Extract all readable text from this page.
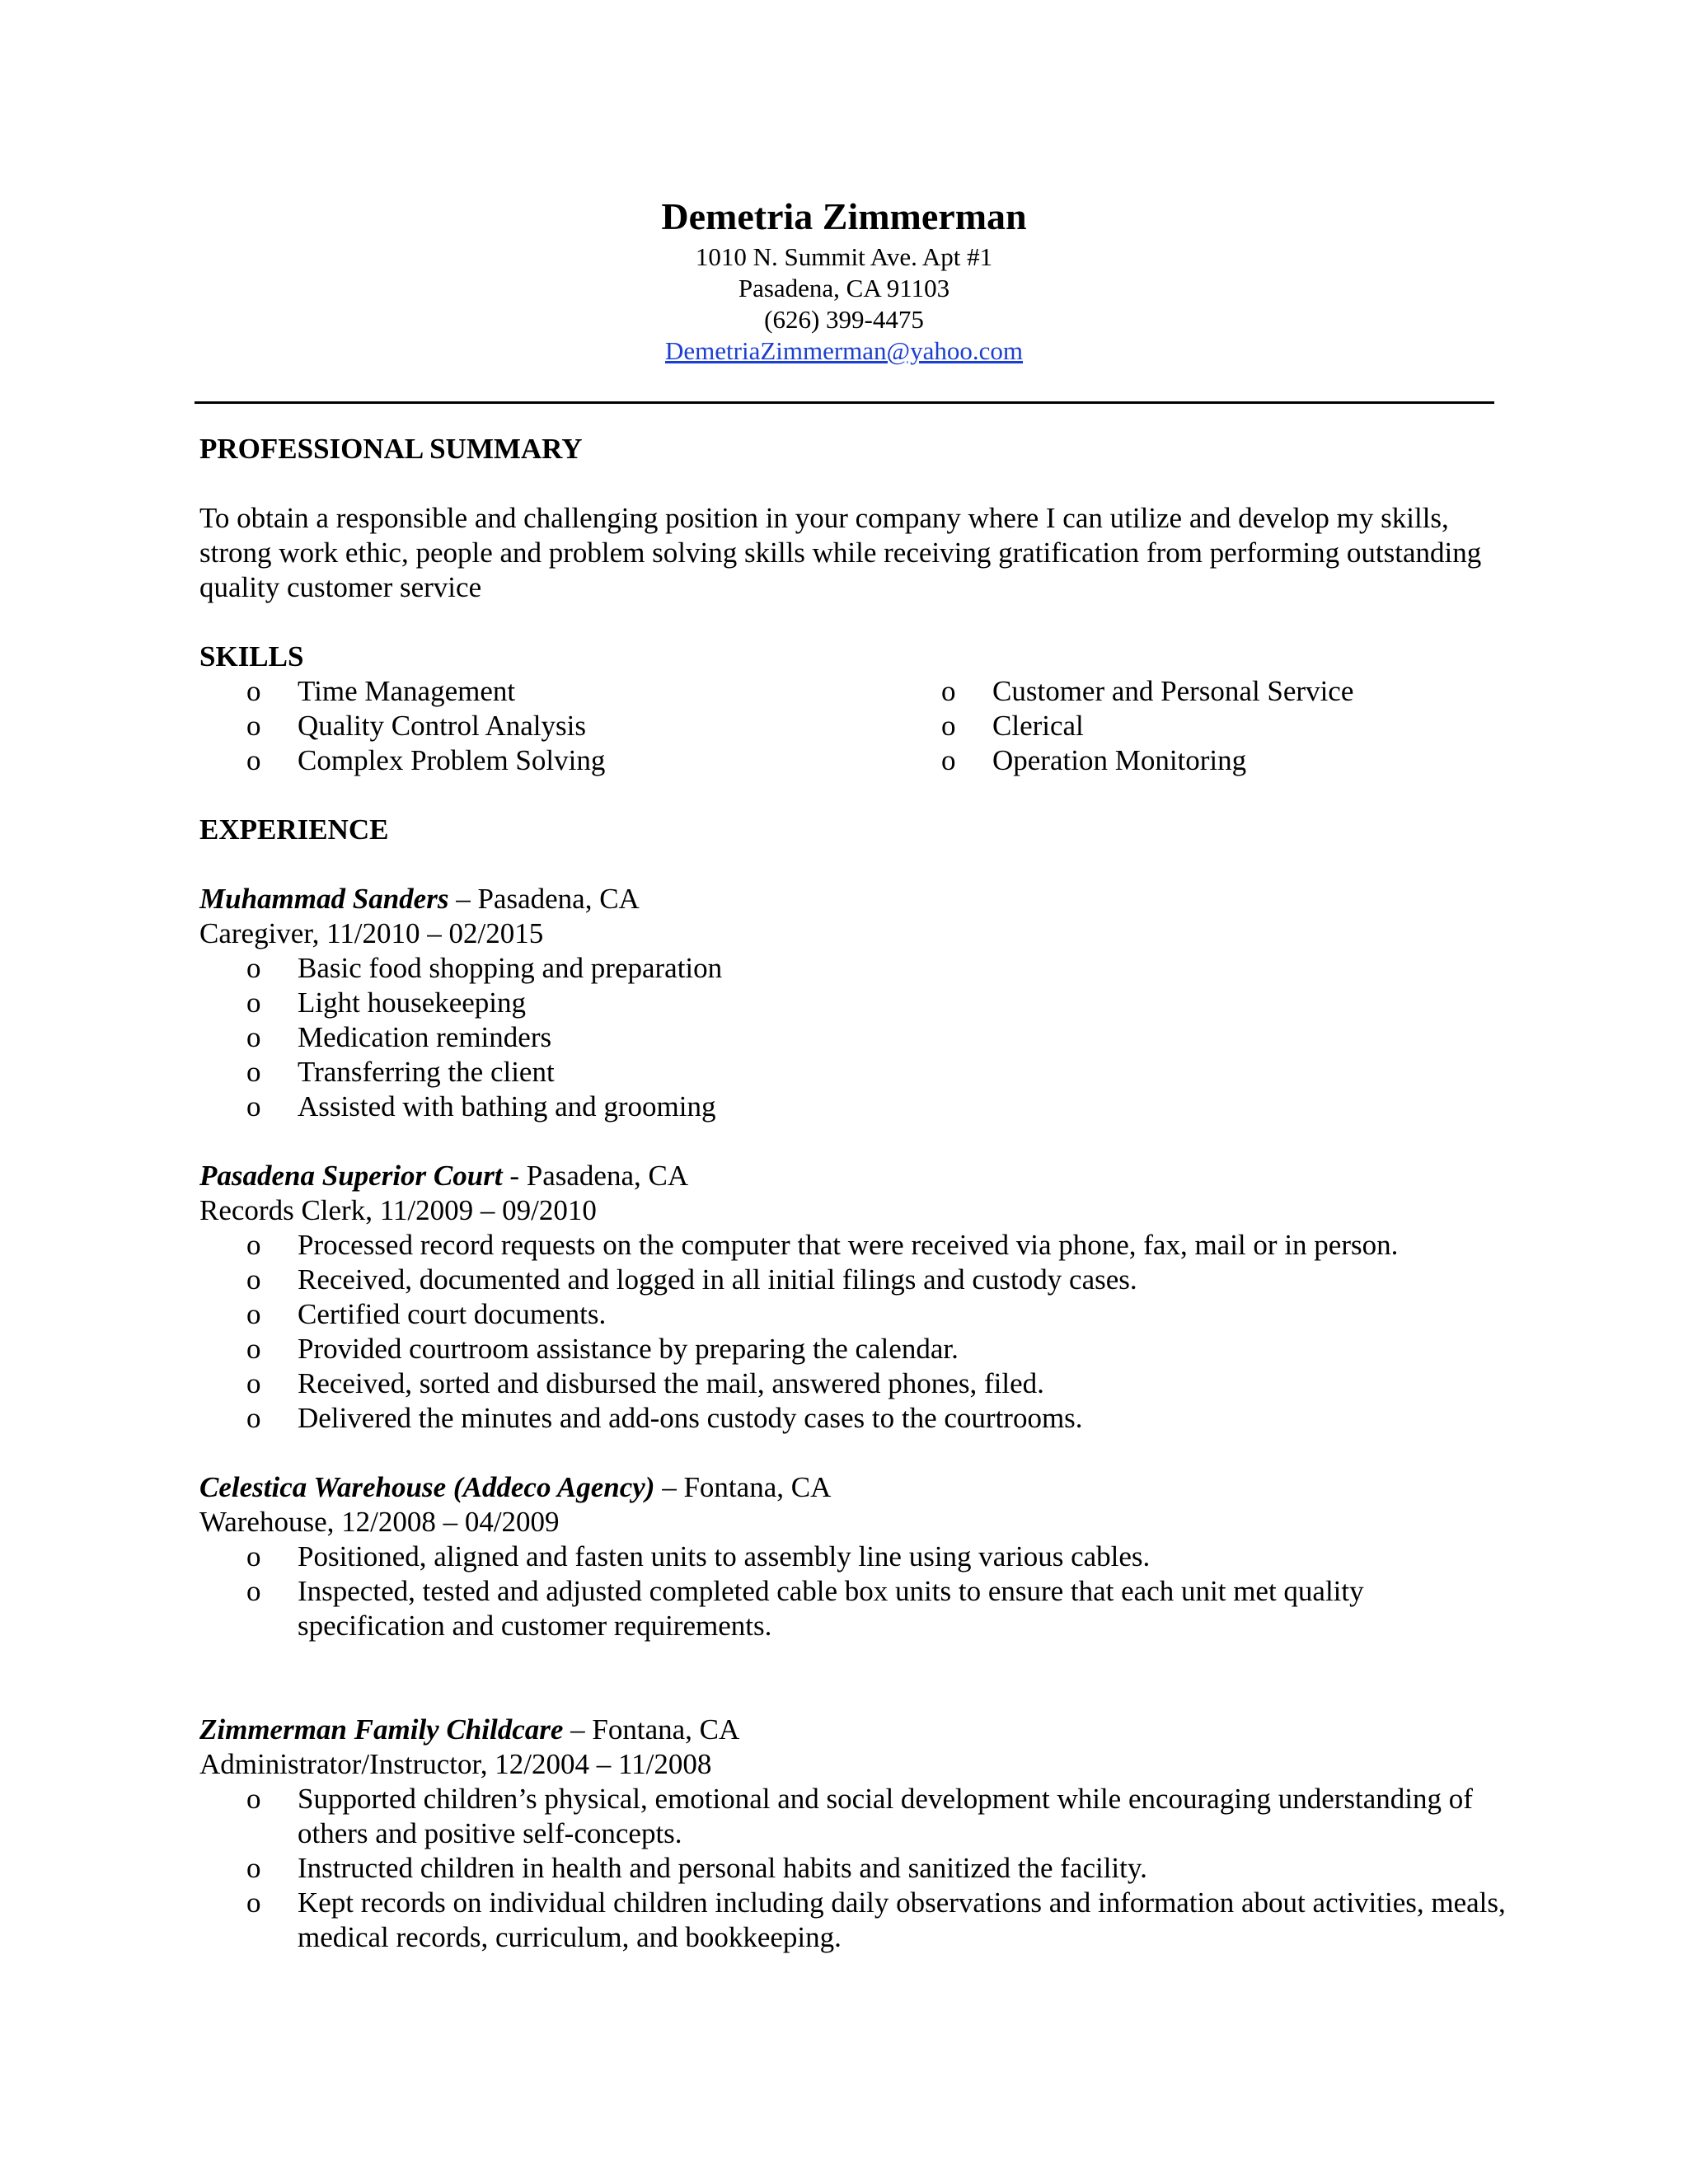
Demetria Zimmerman

1010 N. Summit Ave. Apt #1

Pasadena, CA 91103

(626) 399-4475

DemetriaZimmerman@yahoo.com

PROFESSIONAL SUMMARY

To obtain a responsible and challenging position in your company where I can utilize and develop my skills, strong work ethic, people and problem solving skills while receiving gratification from performing outstanding quality customer service

SKILLS

o	Time Management
o	Quality Control Analysis
o	Complex Problem Solving
o	Customer and Personal Service
o	Clerical
o	Operation Monitoring

EXPERIENCE

Muhammad Sanders – Pasadena, CA

Caregiver, 11/2010 – 02/2015

o	Basic food shopping and preparation
o	Light housekeeping
o	Medication reminders
o	Transferring the client
o	Assisted with bathing and grooming

Pasadena Superior Court - Pasadena, CA

Records Clerk, 11/2009 – 09/2010

o	Processed record requests on the computer that were received via phone, fax, mail or in person.
o	Received, documented and logged in all initial filings and custody cases.
o	Certified court documents.
o	Provided courtroom assistance by preparing the calendar.
o	Received, sorted and disbursed the mail, answered phones, filed.
o	Delivered the minutes and add-ons custody cases to the courtrooms.

Celestica Warehouse (Addeco Agency) – Fontana, CA

Warehouse, 12/2008 – 04/2009

o	Positioned, aligned and fasten units to assembly line using various cables.
o	Inspected, tested and adjusted completed cable box units to ensure that each unit met quality specification and customer requirements.

Zimmerman Family Childcare – Fontana, CA

Administrator/Instructor, 12/2004 – 11/2008

o	Supported children’s physical, emotional and social development while encouraging understanding of others and positive self-concepts.
o	Instructed children in health and personal habits and sanitized the facility.
o	Kept records on individual children including daily observations and information about activities, meals, medical records, curriculum, and bookkeeping.
